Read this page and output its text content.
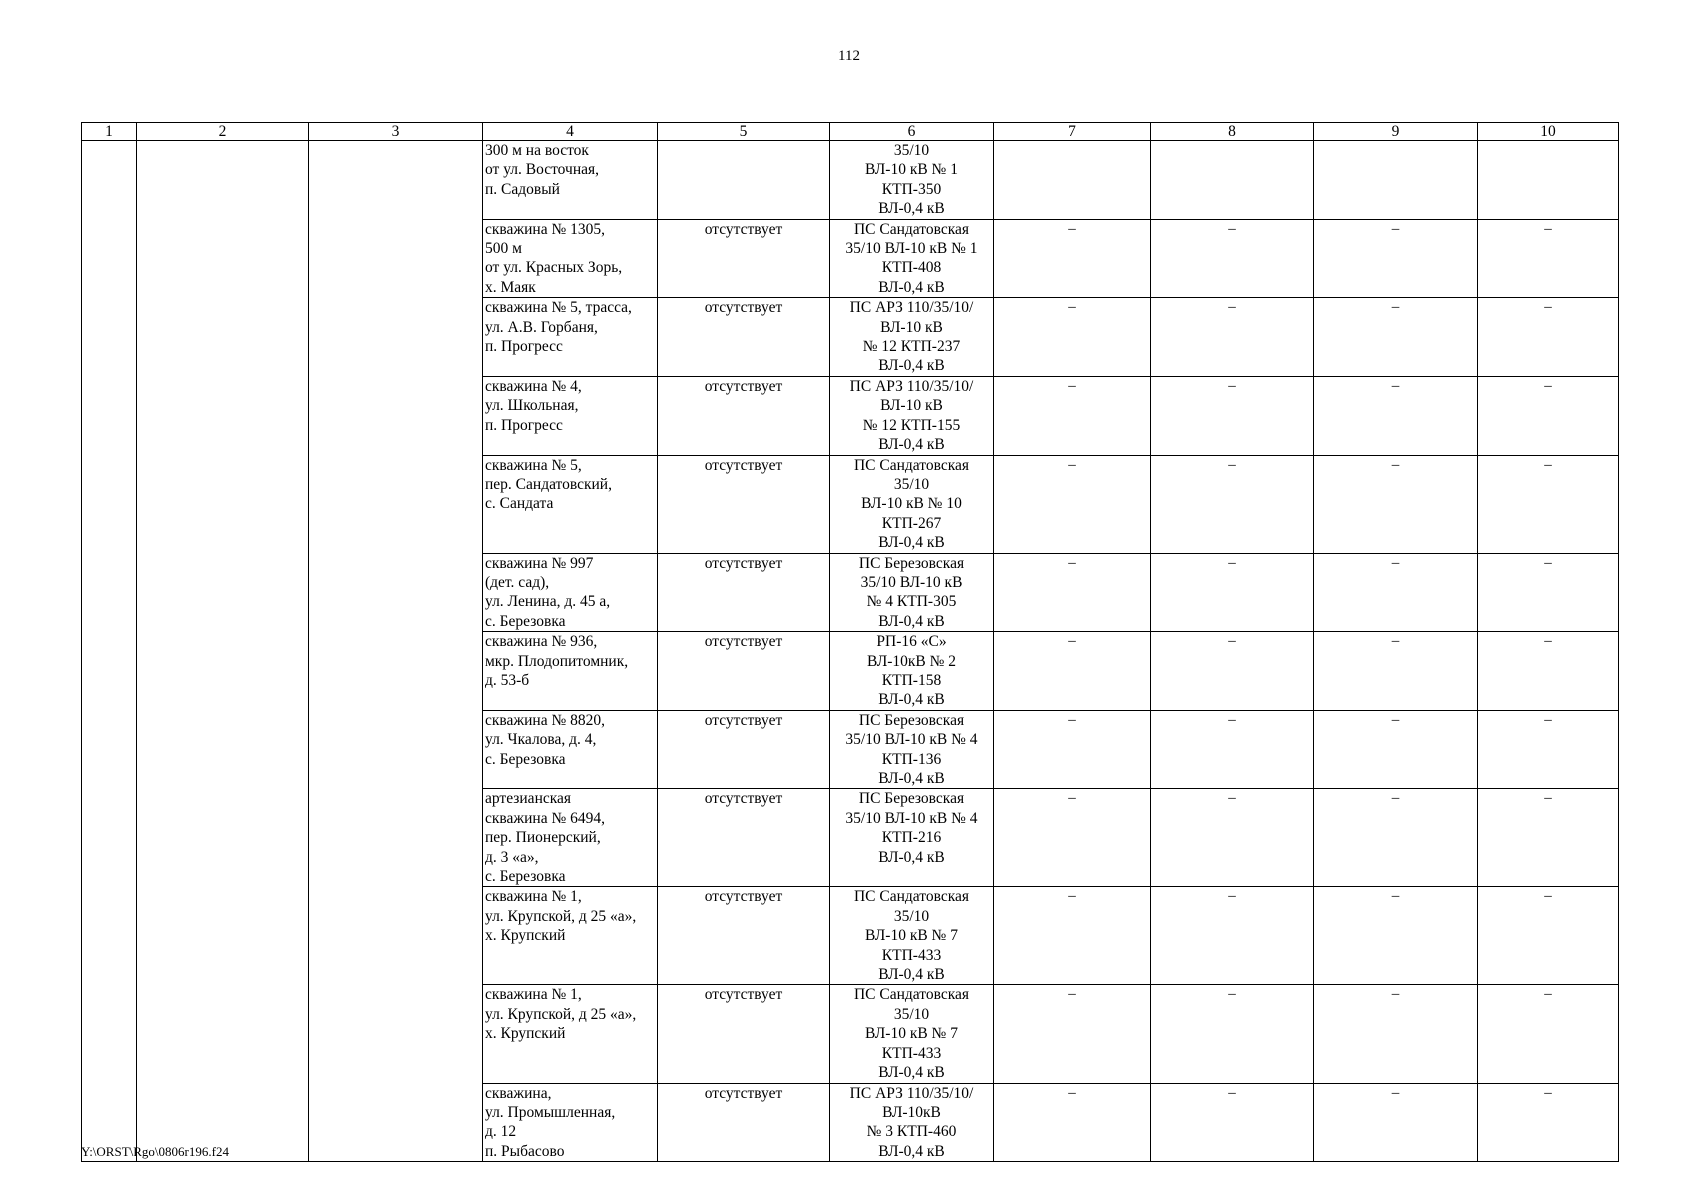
112
1	2	3	4	5	6	7	8	9	10

			300 м на восток
от ул. Восточная,
п. Садовый		35/10
ВЛ-10 кВ № 1
КТП-350
ВЛ-0,4 кВ				

			скважина № 1305,
500 м
от ул. Красных Зорь,
х. Маяк	отсутствует	ПС Сандатовская
35/10 ВЛ-10 кВ № 1
КТП-408
ВЛ-0,4 кВ	–	–	–	–

			скважина № 5, трасса,
ул. А.В. Горбаня,
п. Прогресс	отсутствует	ПС АРЗ 110/35/10/
ВЛ-10 кВ
№ 12 КТП-237
ВЛ-0,4 кВ	–	–	–	–

			скважина № 4,
ул. Школьная,
п. Прогресс	отсутствует	ПС АРЗ 110/35/10/
ВЛ-10 кВ
№ 12 КТП-155
ВЛ-0,4 кВ	–	–	–	–

			скважина № 5,
пер. Сандатовский,
с. Сандата	отсутствует	ПС Сандатовская
35/10
ВЛ-10 кВ № 10
КТП-267
ВЛ-0,4 кВ	–	–	–	–

			скважина № 997
(дет. сад),
ул. Ленина, д. 45 а,
с. Березовка	отсутствует	ПС Березовская
35/10 ВЛ-10 кВ
№ 4 КТП-305
ВЛ-0,4 кВ	–	–	–	–

			скважина № 936,
мкр. Плодопитомник,
д. 53-б	отсутствует	РП-16 «С»
ВЛ-10кВ № 2
КТП-158
ВЛ-0,4 кВ	–	–	–	–

			скважина № 8820,
ул. Чкалова, д. 4,
с. Березовка	отсутствует	ПС Березовская
35/10 ВЛ-10 кВ № 4
КТП-136
ВЛ-0,4 кВ	–	–	–	–

			артезианская
скважина № 6494,
пер. Пионерский,
д. 3 «а»,
с. Березовка	отсутствует	ПС Березовская
35/10 ВЛ-10 кВ № 4
КТП-216
ВЛ-0,4 кВ	–	–	–	–

			скважина № 1,
ул. Крупской, д 25 «а»,
х. Крупский	отсутствует	ПС Сандатовская
35/10
ВЛ-10 кВ № 7
КТП-433
ВЛ-0,4 кВ	–	–	–	–

			скважина № 1,
ул. Крупской, д 25 «а»,
х. Крупский	отсутствует	ПС Сандатовская
35/10
ВЛ-10 кВ № 7
КТП-433
ВЛ-0,4 кВ	–	–	–	–

			скважина,
ул. Промышленная,
д. 12
п. Рыбасово	отсутствует	ПС АРЗ 110/35/10/
ВЛ-10кВ
№ 3 КТП-460
ВЛ-0,4 кВ	–	–	–	–
Y:\ORST\Rgo\0806r196.f24
